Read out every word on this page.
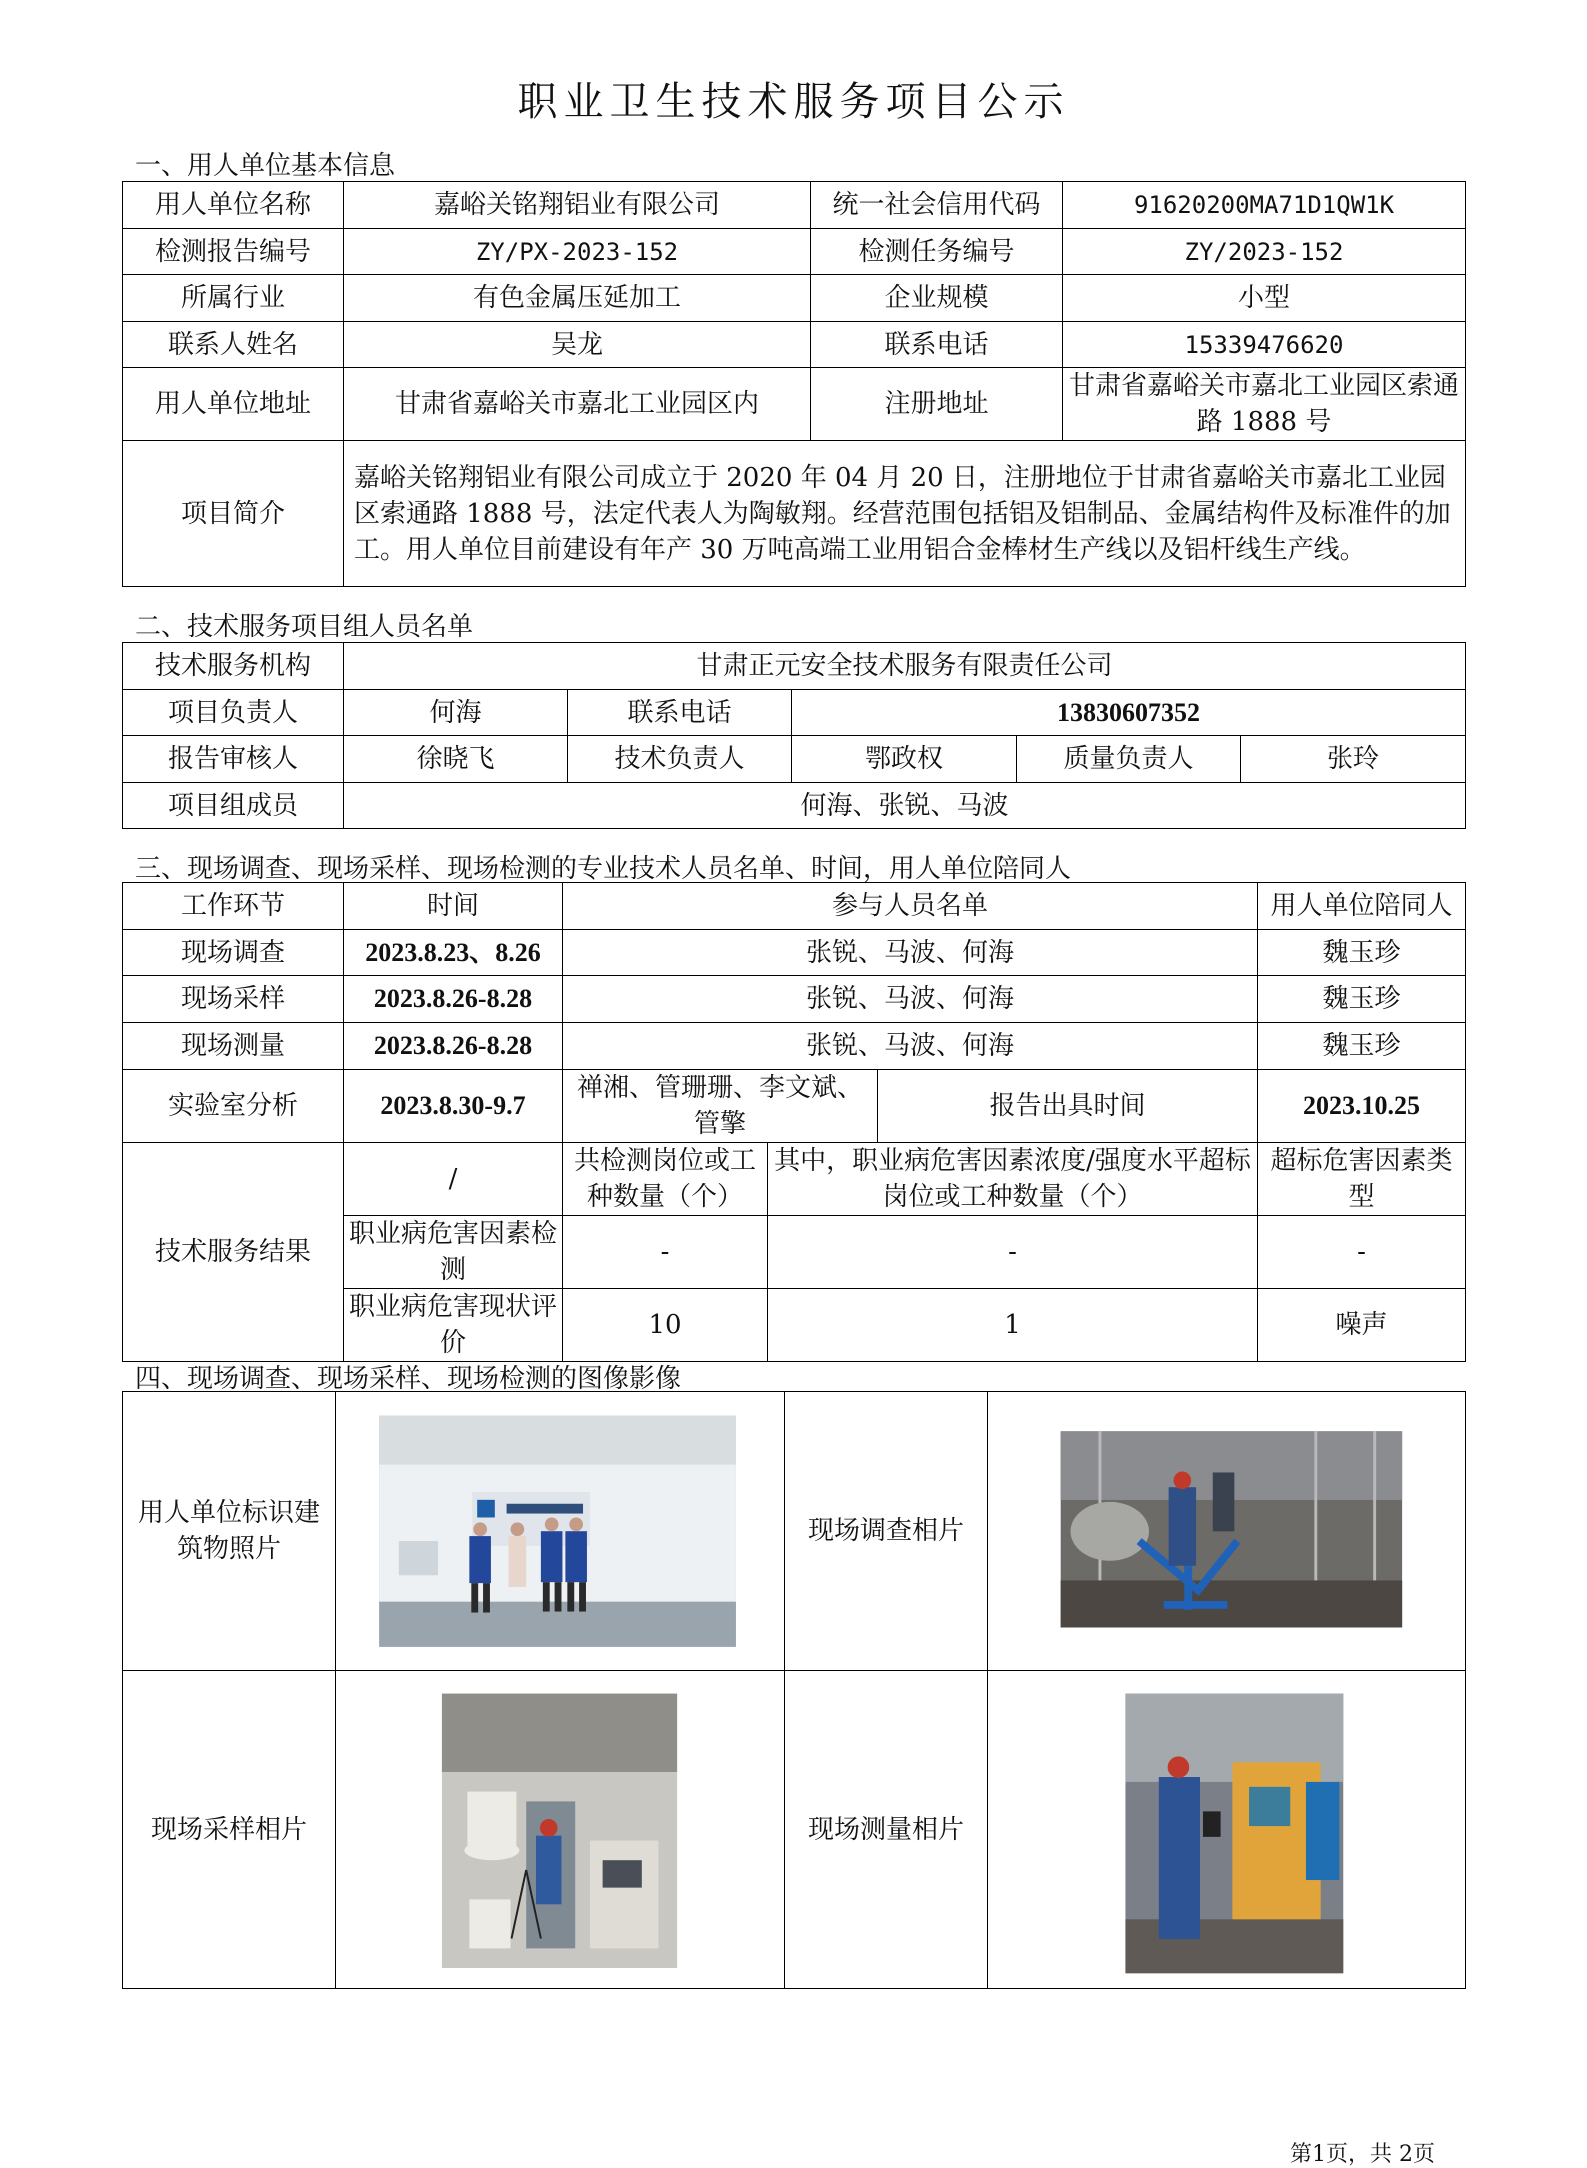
职业卫生技术服务项目公示
一、用人单位基本信息
用人单位名称	嘉峪关铭翔铝业有限公司	统一社会信用代码	91620200MA71D1QW1K
检测报告编号	ZY/PX-2023-152	检测任务编号	ZY/2023-152
所属行业	有色金属压延加工	企业规模	小型
联系人姓名	吴龙	联系电话	15339476620
用人单位地址	甘肃省嘉峪关市嘉北工业园区内	注册地址	甘肃省嘉峪关市嘉北工业园区索通路 1888 号
项目简介	嘉峪关铭翔铝业有限公司成立于 2020 年 04 月 20 日，注册地位于甘肃省嘉峪关市嘉北工业园区索通路 1888 号，法定代表人为陶敏翔。经营范围包括铝及铝制品、金属结构件及标准件的加工。用人单位目前建设有年产 30 万吨高端工业用铝合金棒材生产线以及铝杆线生产线。		
二、技术服务项目组人员名单
技术服务机构	甘肃正元安全技术服务有限责任公司				
项目负责人	何海	联系电话	13830607352		
报告审核人	徐晓飞	技术负责人	鄂政权	质量负责人	张玲
项目组成员	何海、张锐、马波				
三、现场调查、现场采样、现场检测的专业技术人员名单、时间，用人单位陪同人
工作环节	时间	参与人员名单			用人单位陪同人
现场调查	2023.8.23、8.26	张锐、马波、何海			魏玉珍
现场采样	2023.8.26-8.28	张锐、马波、何海			魏玉珍
现场测量	2023.8.26-8.28	张锐、马波、何海			魏玉珍
实验室分析	2023.8.30-9.7	禅湘、管珊珊、李文斌、管擎		报告出具时间	2023.10.25
技术服务结果	/	共检测岗位或工种数量（个）	其中，职业病危害因素浓度/强度水平超标岗位或工种数量（个）		超标危害因素类型
	职业病危害因素检测	-	-		-
	职业病危害现状评价	10	1		噪声
四、现场调查、现场采样、现场检测的图像影像
用人单位标识建筑物照片		现场调查相片	

现场采样相片		现场测量相片	
第1页，共 2页
